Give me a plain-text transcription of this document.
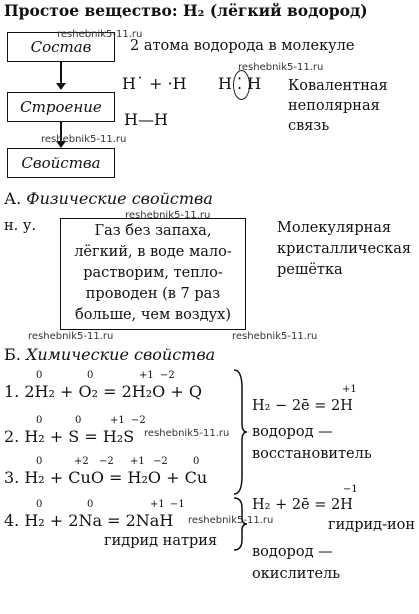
Простое вещество: H₂ (лёгкий водород)
Состав
Строение
Свойства
2 атома водорода в молекуле
H˙ + ·H H ⁚ H
H—H
Ковалентная
неполярная
связь
А. Физические свойства
н. у.	Газ без запаха,
лёгкий, в воде мало-
растворим, тепло-
проводен (в 7 раз
больше, чем воздух)
Молекулярная
кристаллическая
решётка
Б. Химические свойства
0	0	+1 −2
1. 2H₂ + O₂ = 2H₂O + Q
0	0	+1 −2
2. H₂ + S = H₂S
0	+2 −2 +1 −2	0
3. H₂ + CuO = H₂O + Cu
0	0	+1 −1
4. H₂ + 2Na = 2NaH
гидрид натрия
+1
H₂ − 2ē = 2H
водород —
восстановитель
−1
H₂ + 2ē = 2H
гидрид-ион
водород —
окислитель
reshebnik5-11.ru
reshebnik5-11.ru
reshebnik5-11.ru
reshebnik5-11.ru
reshebnik5-11.ru	reshebnik5-11.ru
reshebnik5-11.ru
reshebnik5-11.ru
